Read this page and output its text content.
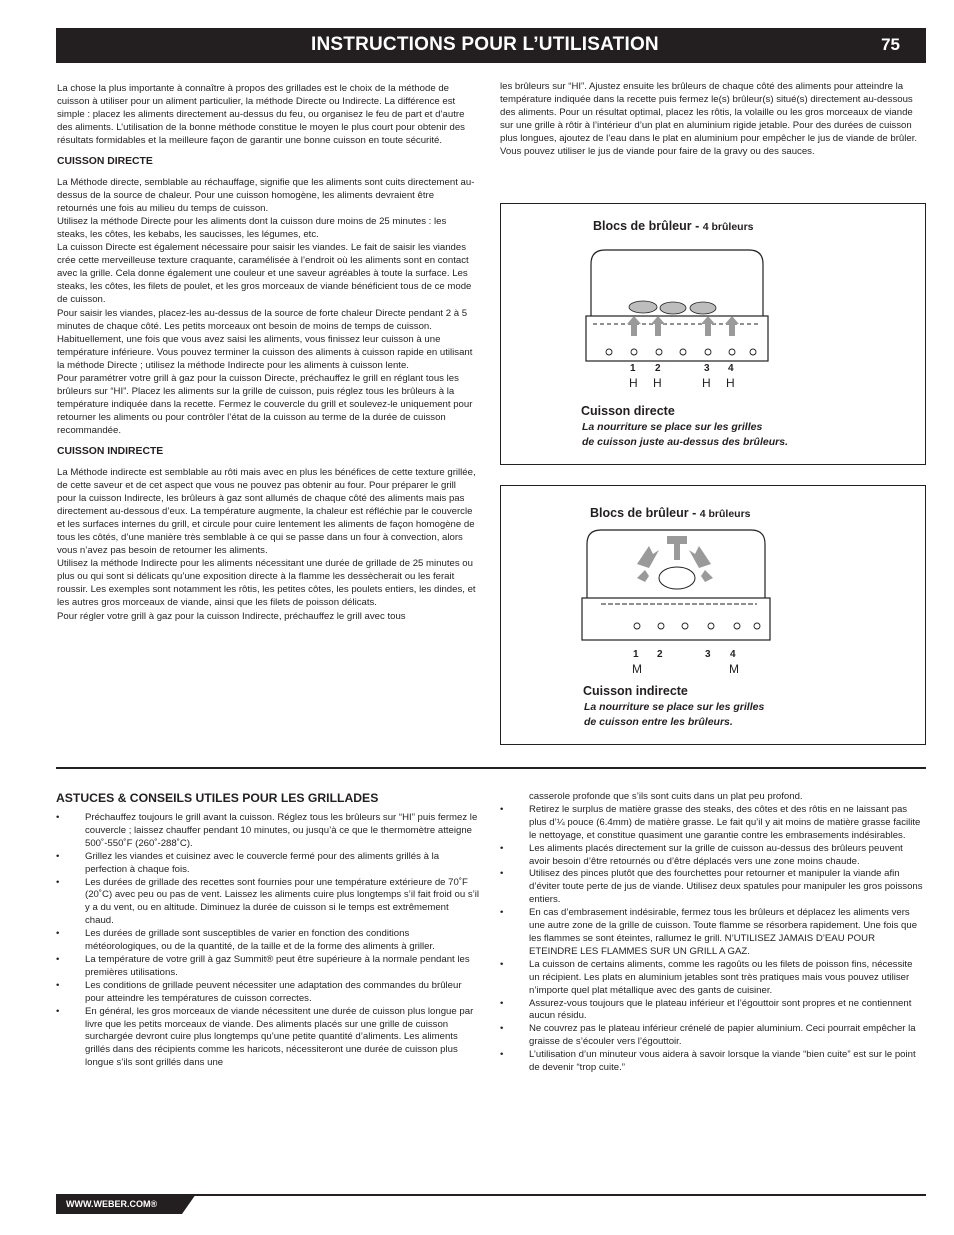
INSTRUCTIONS POUR L’UTILISATION	75

La chose la plus importante à connaître à propos des grillades est le choix de la méthode de cuisson à utiliser pour un aliment particulier, la méthode Directe ou Indirecte. La différence est simple : placez les aliments directement au-dessus du feu, ou organisez le feu de part et d’autre des aliments. L’utilisation de la bonne méthode constitue le moyen le plus court pour obtenir des résultats formidables et la meilleure façon de garantir une bonne cuisson en toute sécurité.

CUISSON DIRECTE

La Méthode directe, semblable au réchauffage, signifie que les aliments sont cuits directement au-dessus de la source de chaleur. Pour une cuisson homogène, les aliments devraient être retournés une fois au milieu du temps de cuisson.

Utilisez la méthode Directe pour les aliments dont la cuisson dure moins de 25 minutes : les steaks, les côtes, les kebabs, les saucisses, les légumes, etc.

La cuisson Directe est également nécessaire pour saisir les viandes. Le fait de saisir les viandes crée cette merveilleuse texture craquante, caramélisée à l’endroit où les aliments sont en contact avec la grille. Cela donne également une couleur et une saveur agréables à toute la surface. Les steaks, les côtes, les filets de poulet, et les gros morceaux de viande bénéficient tous de ce mode de cuisson.

Pour saisir les viandes, placez-les au-dessus de la source de forte chaleur Directe pendant 2 à 5 minutes de chaque côté. Les petits morceaux ont besoin de moins de temps de cuisson. Habituellement, une fois que vous avez saisi les aliments, vous finissez leur cuisson à une température inférieure. Vous pouvez terminer la cuisson des aliments à cuisson rapide en utilisant la méthode Directe ; utilisez la méthode Indirecte pour les aliments à cuisson lente.

Pour paramétrer votre grill à gaz pour la cuisson Directe, préchauffez le grill en réglant tous les brûleurs sur “HI”. Placez les aliments sur la grille de cuisson, puis réglez tous les brûleurs à la température indiquée dans la recette. Fermez le couvercle du grill et soulevez-le uniquement pour retourner les aliments ou pour contrôler l’état de la cuisson au terme de la durée de cuisson recommandée.

CUISSON INDIRECTE

La Méthode indirecte est semblable au rôti mais avec en plus les bénéfices de cette texture grillée, de cette saveur et de cet aspect que vous ne pouvez pas obtenir au four. Pour préparer le grill pour la cuisson Indirecte, les brûleurs à gaz sont allumés de chaque côté des aliments mais pas directement au-dessous d’eux. La température augmente, la chaleur est réfléchie par le couvercle et les surfaces internes du grill, et circule pour cuire lentement les aliments de façon homogène de tous les côtés, d’une manière très semblable à ce qui se passe dans un four à convection, alors vous n’avez pas besoin de retourner les aliments.

Utilisez la méthode Indirecte pour les aliments nécessitant une durée de grillade de 25 minutes ou plus ou qui sont si délicats qu’une exposition directe à la flamme les dessècherait ou les ferait roussir. Les exemples sont notamment les rôtis, les petites côtes, les poulets entiers, les dindes, et les autres gros morceaux de viande, ainsi que les filets de poisson délicats.

Pour régler votre grill à gaz pour la cuisson Indirecte, préchauffez le grill avec tous

les brûleurs sur “HI”. Ajustez ensuite les brûleurs de chaque côté des aliments pour atteindre la température indiquée dans la recette puis fermez le(s) brûleur(s) situé(s) directement au-dessous des aliments. Pour un résultat optimal, placez les rôtis, la volaille ou les gros morceaux de viande sur une grille à rôtir à l’intérieur d’un plat en aluminium rigide jetable. Pour des durées de cuisson plus longues, ajoutez de l’eau dans le plat en aluminium pour empêcher le jus de viande de brûler. Vous pouvez utiliser le jus de viande pour faire de la gravy ou des sauces.

Blocs de brûleur - 4 brûleurs
1 2	3 4
H H	H H
Cuisson directe
La nourriture se place sur les grilles
de cuisson juste au-dessus des brûleurs.
Blocs de brûleur - 4 brûleurs
1 2	3 4
M	M
Cuisson indirecte
La nourriture se place sur les grilles
de cuisson entre les brûleurs.
ASTUCES & CONSEILS UTILES POUR LES GRILLADES
• Préchauffez toujours le grill avant la cuisson. Réglez tous les brûleurs sur “HI” puis fermez le couvercle ; laissez chauffer pendant 10 minutes, ou jusqu’à ce que le thermomètre atteigne 500˚-550˚F (260˚-288˚C).
• Grillez les viandes et cuisinez avec le couvercle fermé pour des aliments grillés à la perfection à chaque fois.
• Les durées de grillade des recettes sont fournies pour une température extérieure de 70˚F (20˚C) avec peu ou pas de vent. Laissez les aliments cuire plus longtemps s’il fait froid ou s’il y a du vent, ou en altitude. Diminuez la durée de cuisson si le temps est extrêmement chaud.
• Les durées de grillade sont susceptibles de varier en fonction des conditions météorologiques, ou de la quantité, de la taille et de la forme des aliments à griller.
• La température de votre grill à gaz Summit® peut être supérieure à la normale pendant les premières utilisations.
• Les conditions de grillade peuvent nécessiter une adaptation des commandes du brûleur pour atteindre les températures de cuisson correctes.
• En général, les gros morceaux de viande nécessitent une durée de cuisson plus longue par livre que les petits morceaux de viande. Des aliments placés sur une grille de cuisson surchargée devront cuire plus longtemps qu’une petite quantité d’aliments. Les aliments grillés dans des récipients comme les haricots, nécessiteront une durée de cuisson plus longue s’ils sont grillés dans une
casserole profonde que s’ils sont cuits dans un plat peu profond.
• Retirez le surplus de matière grasse des steaks, des côtes et des rôtis en ne laissant pas plus d’¼ pouce (6.4mm) de matière grasse. Le fait qu’il y ait moins de matière grasse facilite le nettoyage, et constitue quasiment une garantie contre les embrasements indésirables.
• Les aliments placés directement sur la grille de cuisson au-dessus des brûleurs peuvent avoir besoin d’être retournés ou d’être déplacés vers une zone moins chaude.
• Utilisez des pinces plutôt que des fourchettes pour retourner et manipuler la viande afin d’éviter toute perte de jus de viande. Utilisez deux spatules pour manipuler les gros poissons entiers.
• En cas d’embrasement indésirable, fermez tous les brûleurs et déplacez les aliments vers une autre zone de la grille de cuisson. Toute flamme se résorbera rapidement. Une fois que les flammes se sont éteintes, rallumez le grill. N’UTILISEZ JAMAIS D’EAU POUR ETEINDRE LES FLAMMES SUR UN GRILL A GAZ.
• La cuisson de certains aliments, comme les ragoûts ou les filets de poisson fins, nécessite un récipient. Les plats en aluminium jetables sont très pratiques mais vous pouvez utiliser n’importe quel plat métallique avec des gants de cuisiner.
• Assurez-vous toujours que le plateau inférieur et l’égouttoir sont propres et ne contiennent aucun résidu.
• Ne couvrez pas le plateau inférieur crénelé de papier aluminium. Ceci pourrait empêcher la graisse de s’écouler vers l’égouttoir.
• L’utilisation d’un minuteur vous aidera à savoir lorsque la viande “bien cuite” est sur le point de devenir “trop cuite.”
WWW.WEBER.COM®
